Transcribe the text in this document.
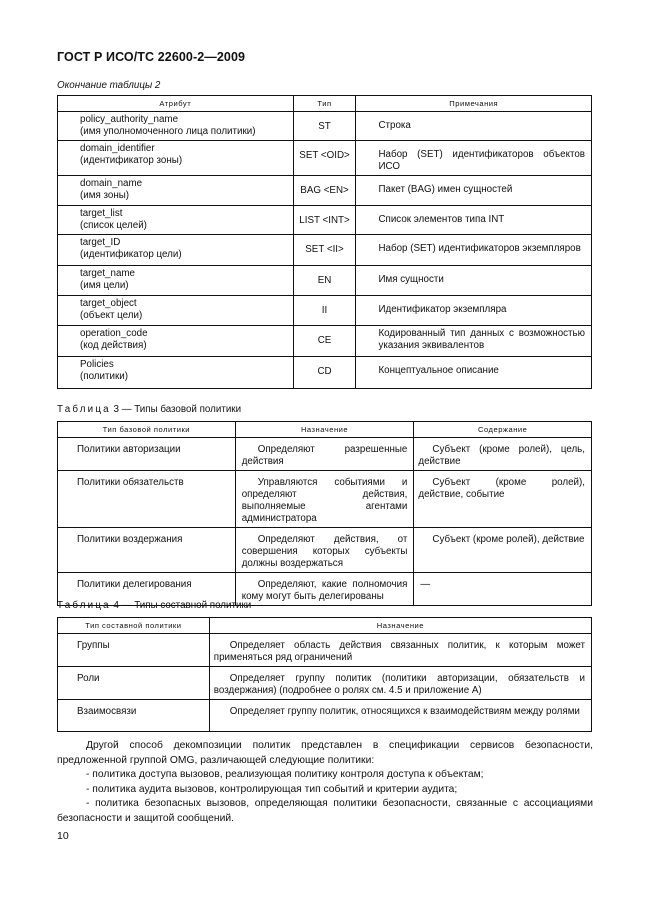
ГОСТ Р ИСО/ТС 22600-2—2009
Окончание таблицы 2
Атрибут	Тип	Примечания

policy_authority_name
(имя уполномоченного лица политики)	ST	Строка

domain_identifier
(идентификатор зоны)	SET <OID>	Набор (SET) идентификаторов объектов ИСО

domain_name
(имя зоны)	BAG <EN>	Пакет (BAG) имен сущностей

target_list
(список целей)	LIST <INT>	Список элементов типа INT

target_ID
(идентификатор цели)	SET <II>	Набор (SET) идентификаторов экземпляров

target_name
(имя цели)	EN	Имя сущности

target_object
(объект цели)	II	Идентификатор экземпляра

operation_code
(код действия)	CE	Кодированный тип данных с возможностью указания эквивалентов

Policies
(политики)	CD	Концептуальное описание
Таблица 3 — Типы базовой политики
Тип базовой политики	Назначение	Содержание
Политики авторизации	Определяют разрешенные действия	Субъект (кроме ролей), цель, действие
Политики обязательств	Управляются событиями и определяют действия, выполняемые агентами администратора	Субъект (кроме ролей), действие, событие
Политики воздержания	Определяют действия, от совершения которых субъекты должны воздержаться	Субъект (кроме ролей), действие
Политики делегирования	Определяют, какие полномочия кому могут быть делегированы	—
Таблица 4 — Типы составной политики
Тип составной политики	Назначение
Группы	Определяет область действия связанных политик, к которым может применяться ряд ограничений
Роли	Определяет группу политик (политики авторизации, обязательств и воздержания) (подробнее о ролях см. 4.5 и приложение А)
Взаимосвязи	Определяет группу политик, относящихся к взаимодействиям между ролями

Другой способ декомпозиции политик представлен в спецификации сервисов безопасности, предложенной группой OMG, различающей следующие политики:

- политика доступа вызовов, реализующая политику контроля доступа к объектам;

- политика аудита вызовов, контролирующая тип событий и критерии аудита;

- политика безопасных вызовов, определяющая политики безопасности, связанные с ассоциациями безопасности и защитой сообщений.

10
